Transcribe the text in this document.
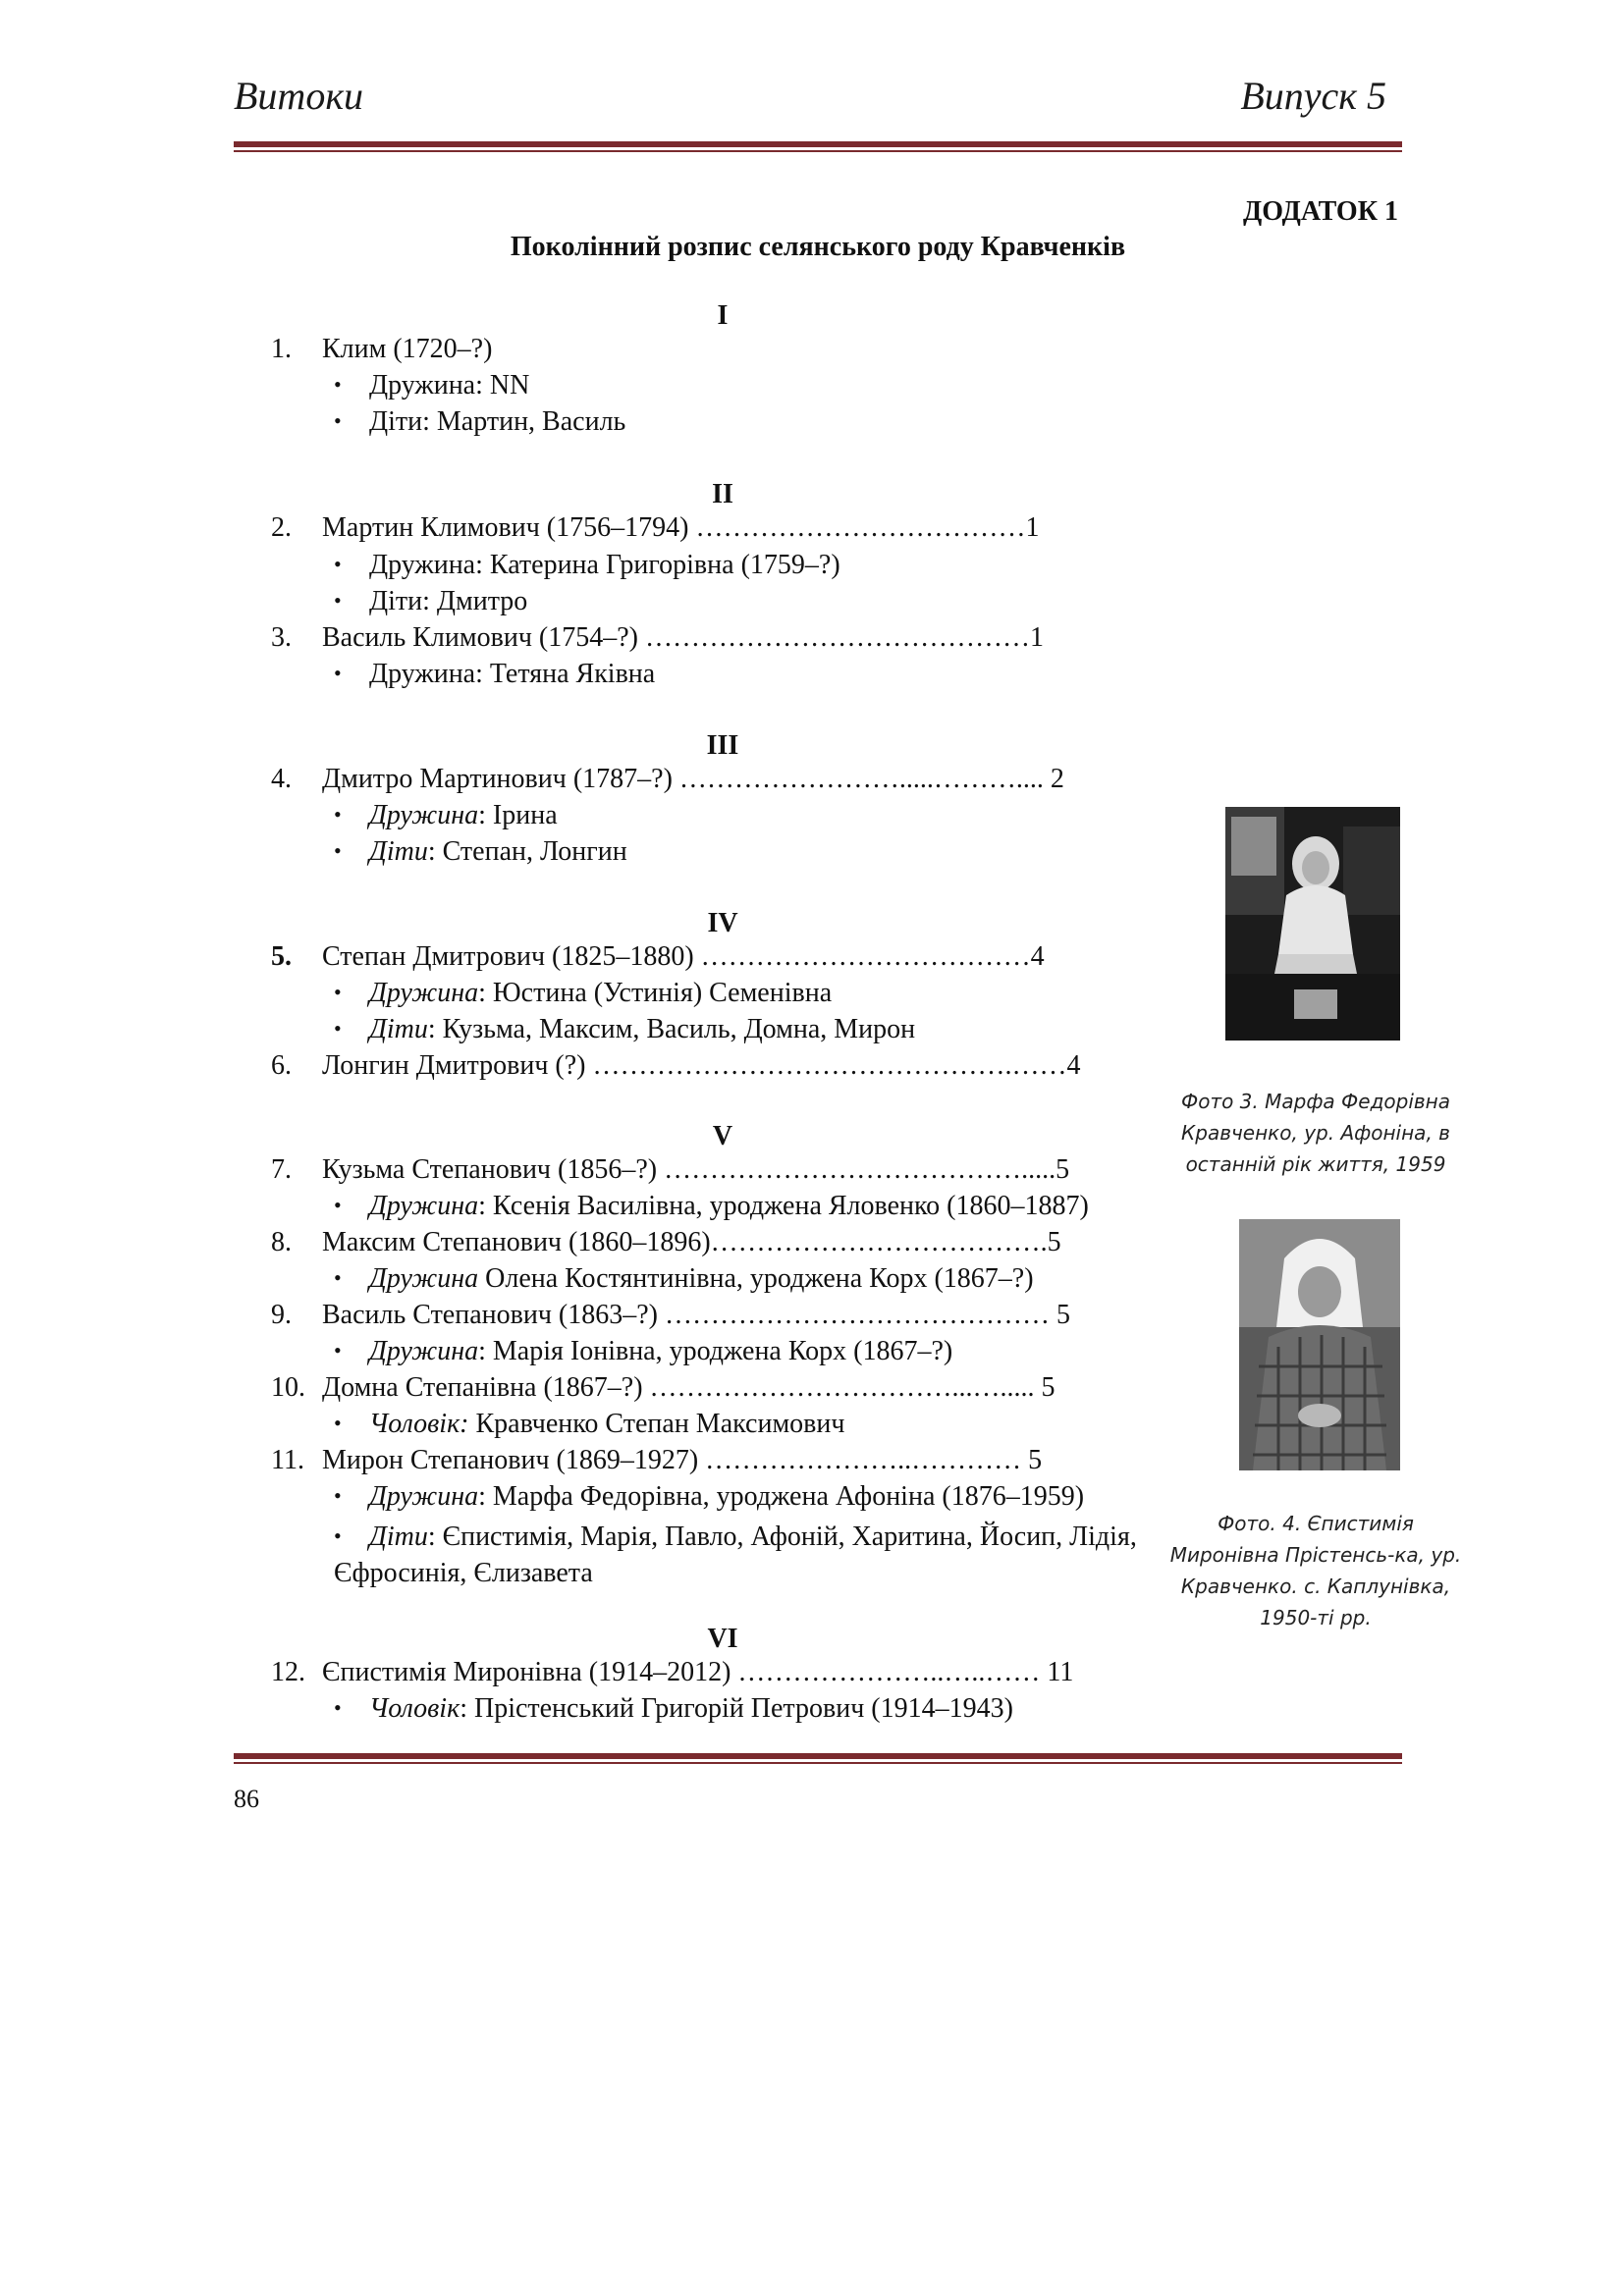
Витоки	Випуск 5
ДОДАТОК 1
Поколінний розпис селянського роду Кравченків
I
1. Клим (1720–?)
• Дружина: NN
• Діти: Мартин, Василь
II
2. Мартин Климович (1756–1794) ………………………………1
• Дружина: Катерина Григорівна (1759–?)
• Діти: Дмитро
3. Василь Климович (1754–?) ……………………………………1
• Дружина: Тетяна Яківна
III
4. Дмитро Мартинович (1787–?) …………………….....……….... 2
• Дружина: Ірина
• Діти: Степан, Лонгин
IV
5. Степан Дмитрович (1825–1880) ………………………………4
• Дружина: Юстина (Устинія) Семенівна
• Діти: Кузьма, Максим, Василь, Домна, Мирон
6. Лонгин Дмитрович (?) ……………………………………….……4
V
7. Кузьма Степанович (1856–?) ………………………………….....5
• Дружина: Ксенія Василівна, уроджена Яловенко (1860–1887)
8. Максим Степанович (1860–1896)……………………………….5
• Дружина Олена Костянтинівна, уроджена Корх (1867–?)
9. Василь Степанович (1863–?) …………………………………… 5
• Дружина: Марія Іонівна, уроджена Корх (1867–?)
10. Домна Степанівна (1867–?) ……………………………...…..... 5
• Чоловік: Кравченко Степан Максимович
11. Мирон Степанович (1869–1927) …………………..………… 5
• Дружина: Марфа Федорівна, уроджена Афоніна (1876–1959)
• Діти: Єпистимія, Марія, Павло, Афоній, Харитина, Йосип, Лідія, Єфросинія, Єлизавета
VI
12. Єпистимія Миронівна (1914–2012) …………………..…..…… 11
• Чоловік: Прістенський Григорій Петрович (1914–1943)
Фото 3. Марфа Федорівна Кравченко, ур. Афоніна, в останній рік життя, 1959
Фото. 4. Єпистимія Миронівна Прістенсь-ка, ур. Кравченко. с. Каплунівка, 1950-ті рр.
86
